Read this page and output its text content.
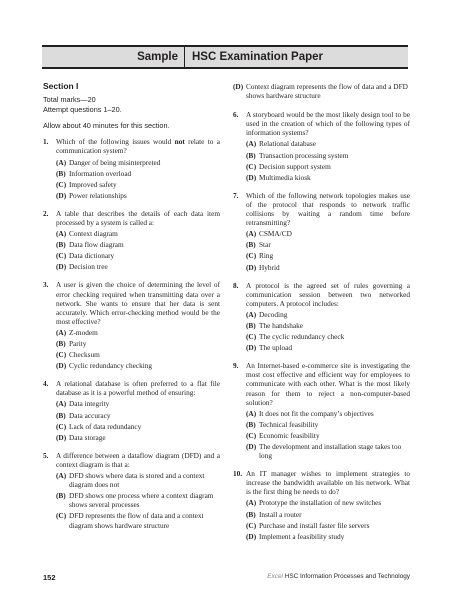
Sample	HSC Examination Paper
Section I
Total marks—20
Attempt questions 1–20.
Allow about 40 minutes for this section.
1. Which of the following issues would not relate to a communication system?
(A) Danger of being misinterpreted
(B) Information overload
(C) Improved safety
(D) Power relationships
2. A table that describes the details of each data item processed by a system is called a:
(A) Context diagram
(B) Data flow diagram
(C) Data dictionary
(D) Decision tree
3. A user is given the choice of determining the level of error checking required when transmitting data over a network. She wants to ensure that her data is sent accurately. Which error-checking method would be the most effective?
(A) Z-modem
(B) Parity
(C) Checksum
(D) Cyclic redundancy checking
4. A relational database is often preferred to a flat file database as it is a powerful method of ensuring:
(A) Data integrity
(B) Data accuracy
(C) Lack of data redundancy
(D) Data storage
5. A difference between a dataflow diagram (DFD) and a context diagram is that a:
(A) DFD shows where data is stored and a context diagram does not
(B) DFD shows one process where a context diagram shows several processes
(C) DFD represents the flow of data and a context diagram shows hardware structure
(D) Context diagram represents the flow of data and a DFD shows hardware structure
6. A storyboard would be the most likely design tool to be used in the creation of which of the following types of information systems?
(A) Relational database
(B) Transaction processing system
(C) Decision support system
(D) Multimedia kiosk
7. Which of the following network topologies makes use of the protocol that responds to network traffic collisions by waiting a random time before retransmitting?
(A) CSMA/CD
(B) Star
(C) Ring
(D) Hybrid
8. A protocol is the agreed set of rules governing a communication session between two networked computers. A protocol includes:
(A) Decoding
(B) The handshake
(C) The cyclic redundancy check
(D) The upload
9. An Internet-based e-commerce site is investigating the most cost effective and efficient way for employees to communicate with each other. What is the most likely reason for them to reject a non-computer-based solution?
(A) It does not fit the company’s objectives
(B) Technical feasibility
(C) Economic feasibility
(D) The development and installation stage takes too long
10. An IT manager wishes to implement strategies to increase the bandwidth available on his network. What is the first thing he needs to do?
(A) Prototype the installation of new switches
(B) Install a router
(C) Purchase and install faster file servers
(D) Implement a feasibility study
152	Excel HSC Information Processes and Technology
